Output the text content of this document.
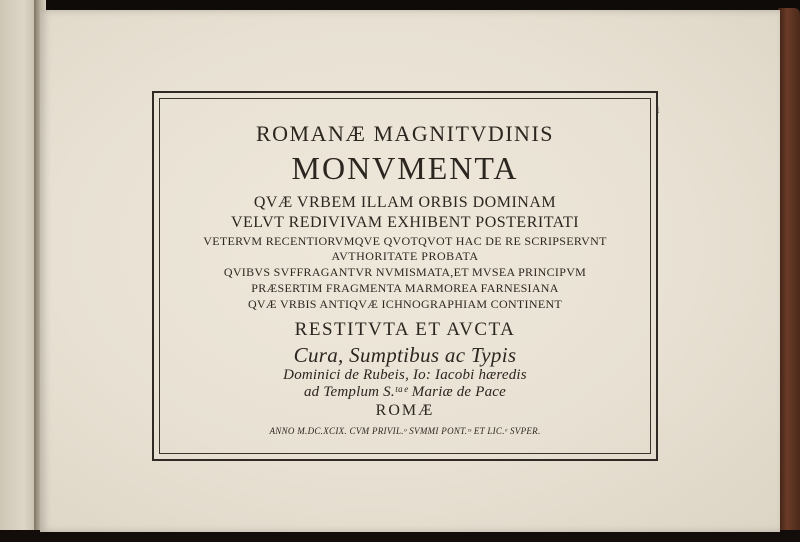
1
ROMANÆ MAGNITVDINIS
MONVMENTA
QVÆ VRBEM ILLAM ORBIS DOMINAM
VELVT REDIVIVAM EXHIBENT POSTERITATI
VETERVM RECENTIORVMQVE QVOTQVOT HAC DE RE SCRIPSERVNT
AVTHORITATE PROBATA
QVIBVS SVFFRAGANTVR NVMISMATA,ET MVSEA PRINCIPVM
PRÆSERTIM FRAGMENTA MARMOREA FARNESIANA
QVÆ VRBIS ANTIQVÆ ICHNOGRAPHIAM CONTINENT
RESTITVTA ET AVCTA
Cura, Sumptibus ac Typis
Dominici de Rubeis, Io: Iacobi hæredis
ad Templum S.ᵗᵃᵉ Mariæ de Pace
ROMÆ
ANNO M.DC.XCIX. CVM PRIVIL.ᵒ SVMMI PONT.ᶦˢ ET LIC.ᵉ SVPER.
